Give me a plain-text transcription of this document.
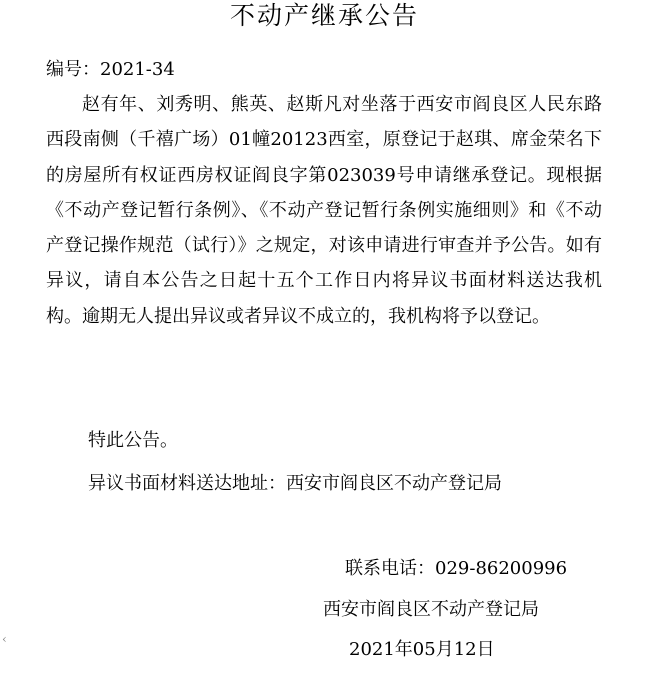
不动产继承公告
编号：2021-34

赵有年、刘秀明、熊英、赵斯凡对坐落于西安市阎良区人民东路西段南侧（千禧广场）01幢20123西室，原登记于赵琪、席金荣名下的房屋所有权证西房权证阎良字第023039号申请继承登记。现根据《不动产登记暂行条例》、《不动产登记暂行条例实施细则》和《不动产登记操作规范（试行）》之规定，对该申请进行审查并予公告。如有异议，请自本公告之日起十五个工作日内将异议书面材料送达我机构。逾期无人提出异议或者异议不成立的，我机构将予以登记。

特此公告。
异议书面材料送达地址：西安市阎良区不动产登记局
联系电话：029-86200996
西安市阎良区不动产登记局
2021年05月12日
‹
